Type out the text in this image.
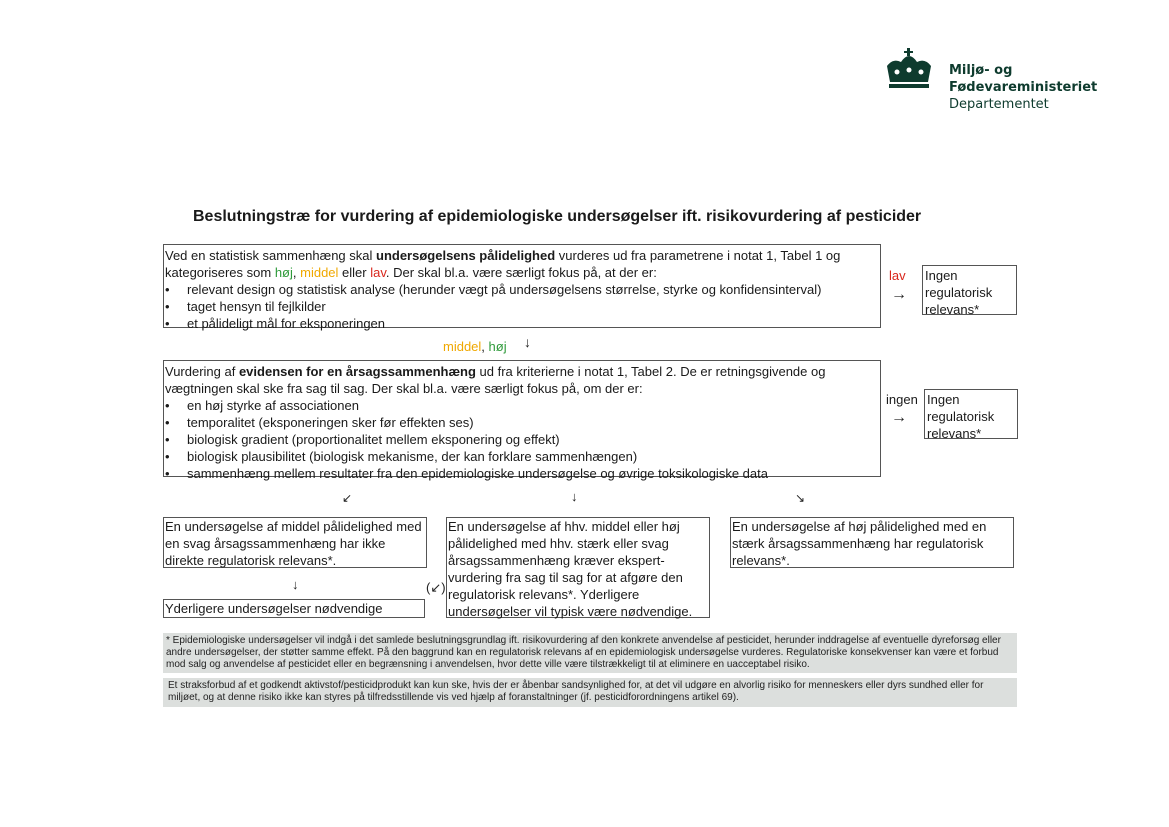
Miljø- og
Fødevareministeriet
Departementet
Beslutningstræ for vurdering af epidemiologiske undersøgelser ift. risikovurdering af pesticider
Ved en statistisk sammenhæng skal undersøgelsens pålidelighed vurderes ud fra parametrene i notat 1, Tabel 1 og kategoriseres som høj, middel eller lav. Der skal bl.a. være særligt fokus på, at der er:
• relevant design og statistisk analyse (herunder vægt på undersøgelsens størrelse, styrke og konfidensinterval)
• taget hensyn til fejlkilder
• et pålideligt mål for eksponeringen
lav
→
Ingen regulatorisk relevans*
middel, høj ↓
Vurdering af evidensen for en årsagssammenhæng ud fra kriterierne i notat 1, Tabel 2. De er retningsgivende og vægtningen skal ske fra sag til sag. Der skal bl.a. være særligt fokus på, om der er:
• en høj styrke af associationen
• temporalitet (eksponeringen sker før effekten ses)
• biologisk gradient (proportionalitet mellem eksponering og effekt)
• biologisk plausibilitet (biologisk mekanisme, der kan forklare sammenhængen)
• sammenhæng mellem resultater fra den epidemiologiske undersøgelse og øvrige toksikologiske data
ingen
→
Ingen regulatorisk relevans*
↙	↓	↘
En undersøgelse af middel pålidelighed med en svag årsagssammenhæng har ikke direkte regulatorisk relevans*.
En undersøgelse af hhv. middel eller høj pålidelighed med hhv. stærk eller svag årsagssammenhæng kræver ekspert-vurdering fra sag til sag for at afgøre den regulatorisk relevans*. Yderligere undersøgelser vil typisk være nødvendige.
En undersøgelse af høj pålidelighed med en stærk årsagssammenhæng har regulatorisk relevans*.
↓	(↙)
Yderligere undersøgelser nødvendige
* Epidemiologiske undersøgelser vil indgå i det samlede beslutningsgrundlag ift. risikovurdering af den konkrete anvendelse af pesticidet, herunder inddragelse af eventuelle dyreforsøg eller andre undersøgelser, der støtter samme effekt. På den baggrund kan en regulatorisk relevans af en epidemiologisk undersøgelse vurderes. Regulatoriske konsekvenser kan være et forbud mod salg og anvendelse af pesticidet eller en begrænsning i anvendelsen, hvor dette ville være tilstrækkeligt til at eliminere en uacceptabel risiko.
Et straksforbud af et godkendt aktivstof/pesticidprodukt kan kun ske, hvis der er åbenbar sandsynlighed for, at det vil udgøre en alvorlig risiko for menneskers eller dyrs sundhed eller for miljøet, og at denne risiko ikke kan styres på tilfredsstillende vis ved hjælp af foranstaltninger (jf. pesticidforordningens artikel 69).
